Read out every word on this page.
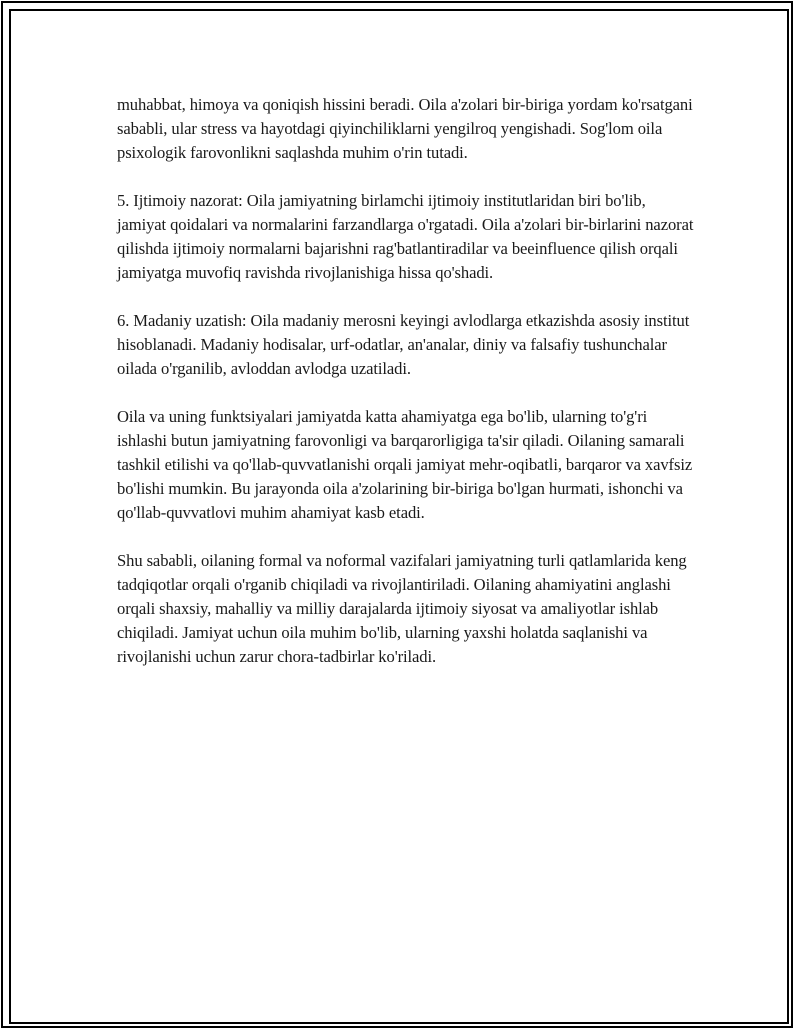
muhabbat, himoya va qoniqish hissini beradi. Oila a'zolari bir-biriga yordam ko'rsatgani sababli, ular stress va hayotdagi qiyinchiliklarni yengilroq yengishadi. Sog'lom oila psixologik farovonlikni saqlashda muhim o'rin tutadi.

5. Ijtimoiy nazorat: Oila jamiyatning birlamchi ijtimoiy institutlaridan biri bo'lib, jamiyat qoidalari va normalarini farzandlarga o'rgatadi. Oila a'zolari bir-birlarini nazorat qilishda ijtimoiy normalarni bajarishni rag'batlantiradilar va beeinfluence qilish orqali jamiyatga muvofiq ravishda rivojlanishiga hissa qo'shadi.

6. Madaniy uzatish: Oila madaniy merosni keyingi avlodlarga etkazishda asosiy institut hisoblanadi. Madaniy hodisalar, urf-odatlar, an'analar, diniy va falsafiy tushunchalar oilada o'rganilib, avloddan avlodga uzatiladi.

Oila va uning funktsiyalari jamiyatda katta ahamiyatga ega bo'lib, ularning to'g'ri ishlashi butun jamiyatning farovonligi va barqarorligiga ta'sir qiladi. Oilaning samarali tashkil etilishi va qo'llab-quvvatlanishi orqali jamiyat mehr-oqibatli, barqaror va xavfsiz bo'lishi mumkin. Bu jarayonda oila a'zolarining bir-biriga bo'lgan hurmati, ishonchi va qo'llab-quvvatlovi muhim ahamiyat kasb etadi.

Shu sababli, oilaning formal va noformal vazifalari jamiyatning turli qatlamlarida keng tadqiqotlar orqali o'rganib chiqiladi va rivojlantiriladi. Oilaning ahamiyatini anglashi orqali shaxsiy, mahalliy va milliy darajalarda ijtimoiy siyosat va amaliyotlar ishlab chiqiladi. Jamiyat uchun oila muhim bo'lib, ularning yaxshi holatda saqlanishi va rivojlanishi uchun zarur chora-tadbirlar ko'riladi.
